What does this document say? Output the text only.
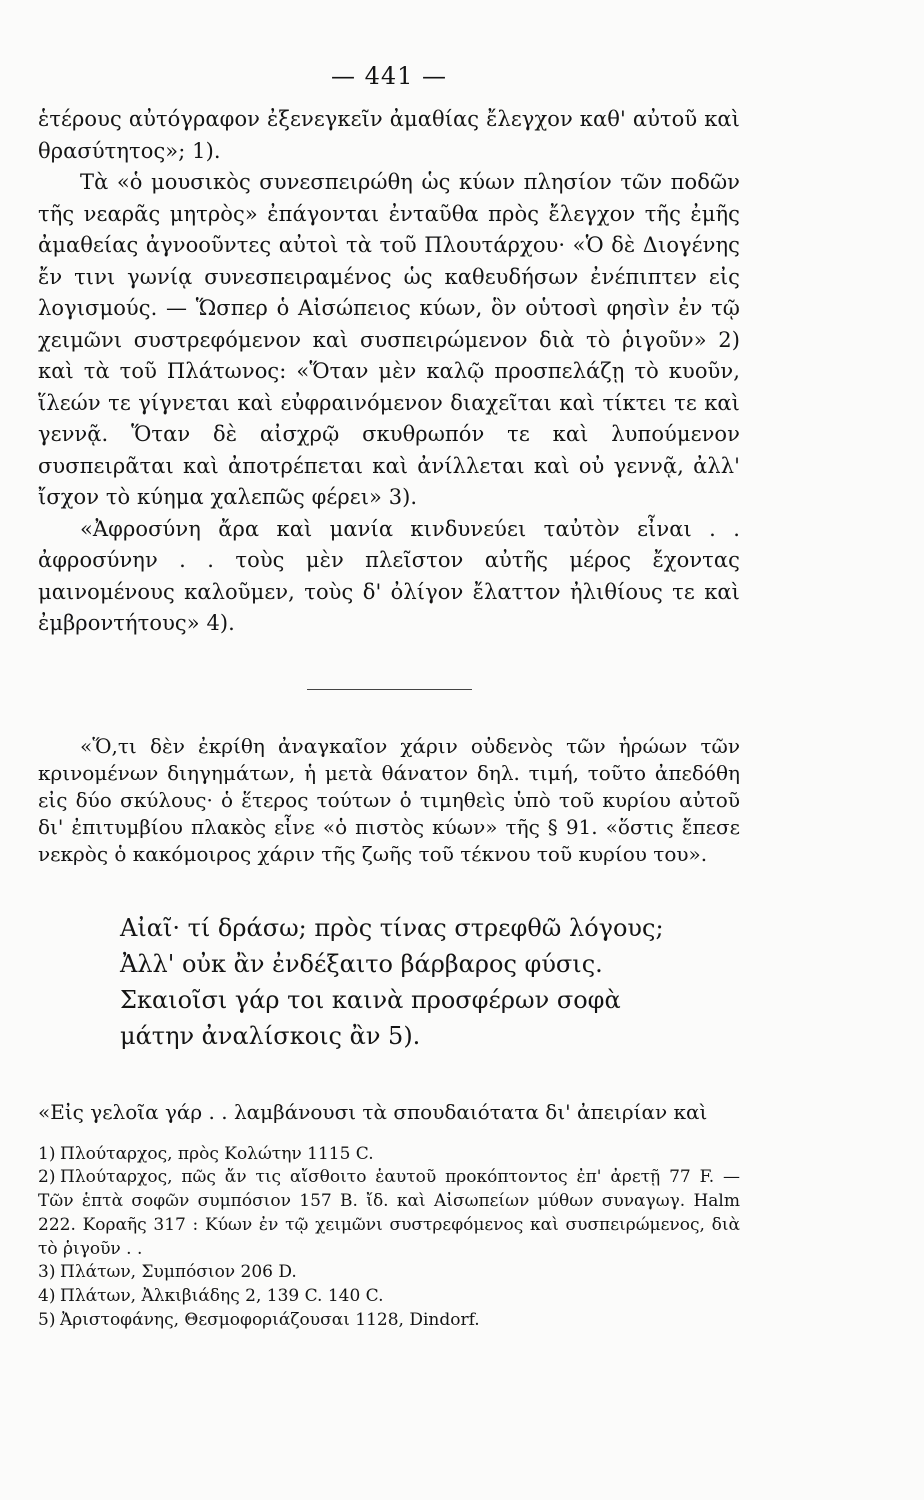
— 441 —

ἑτέρους αὐτόγραφον ἐξενεγκεῖν ἀμαθίας ἔλεγχον καθ' αὐτοῦ καὶ θρασύτητος»; 1).

Τὰ «ὁ μουσικὸς συνεσπειρώθη ὡς κύων πλησίον τῶν ποδῶν τῆς νεαρᾶς μητρὸς» ἐπάγονται ἐνταῦθα πρὸς ἔλεγχον τῆς ἐμῆς ἀμαθείας ἀγνοοῦντες αὐτοὶ τὰ τοῦ Πλουτάρχου· «Ὁ δὲ Διογένης ἔν τινι γωνίᾳ συνεσπειραμένος ὡς καθευδήσων ἐνέπιπτεν εἰς λογισμούς. — Ὥσπερ ὁ Αἰσώπειος κύων, ὃν οὑτοσὶ φησὶν ἐν τῷ χειμῶνι συστρεφόμενον καὶ συσπειρώμενον διὰ τὸ ῥιγοῦν» 2) καὶ τὰ τοῦ Πλάτωνος: «Ὅταν μὲν καλῷ προσπελάζῃ τὸ κυοῦν, ἵλεών τε γίγνεται καὶ εὐφραινόμενον διαχεῖται καὶ τίκτει τε καὶ γεννᾷ. Ὅταν δὲ αἰσχρῷ σκυθρωπόν τε καὶ λυπούμενον συσπειρᾶται καὶ ἀποτρέπεται καὶ ἀνίλλεται καὶ οὐ γεννᾷ, ἀλλ' ἴσχον τὸ κύημα χαλεπῶς φέρει» 3).

«Ἀφροσύνη ἄρα καὶ μανία κινδυνεύει ταὐτὸν εἶναι . . ἀφροσύνην . . τοὺς μὲν πλεῖστον αὐτῆς μέρος ἔχοντας μαινομένους καλοῦμεν, τοὺς δ' ὀλίγον ἔλαττον ἠλιθίους τε καὶ ἐμβροντήτους» 4).

«Ὅ,τι δὲν ἐκρίθη ἀναγκαῖον χάριν οὐδενὸς τῶν ἡρώων τῶν κρινομένων διηγημάτων, ἡ μετὰ θάνατον δηλ. τιμή, τοῦτο ἀπεδόθη εἰς δύο σκύλους· ὁ ἕτερος τούτων ὁ τιμηθεὶς ὑπὸ τοῦ κυρίου αὐτοῦ δι' ἐπιτυμβίου πλακὸς εἶνε «ὁ πιστὸς κύων» τῆς § 91. «ὅστις ἔπεσε νεκρὸς ὁ κακόμοιρος χάριν τῆς ζωῆς τοῦ τέκνου τοῦ κυρίου του».

Αἰαῖ· τί δράσω; πρὸς τίνας στρεφθῶ λόγους;
Ἀλλ' οὐκ ἂν ἐνδέξαιτο βάρβαρος φύσις.
Σκαιοῖσι γάρ τοι καινὰ προσφέρων σοφὰ
μάτην ἀναλίσκοις ἂν 5).
«Εἰς γελοῖα γάρ . . λαμβάνουσι τὰ σπουδαιότατα δι' ἀπειρίαν καὶ

1) Πλούταρχος, πρὸς Κολώτην 1115 C.

2) Πλούταρχος, πῶς ἄν τις αἴσθοιτο ἑαυτοῦ προκόπτοντος ἐπ' ἀρετῇ 77 F. — Τῶν ἑπτὰ σοφῶν συμπόσιον 157 B. ἴδ. καὶ Αἰσωπείων μύθων συναγωγ. Halm 222. Κοραῆς 317 : Κύων ἐν τῷ χειμῶνι συστρεφόμενος καὶ συσπειρώμενος, διὰ τὸ ῥιγοῦν . .

3) Πλάτων, Συμπόσιον 206 D.

4) Πλάτων, Ἀλκιβιάδης 2, 139 C. 140 C.

5) Ἀριστοφάνης, Θεσμοφοριάζουσαι 1128, Dindorf.
